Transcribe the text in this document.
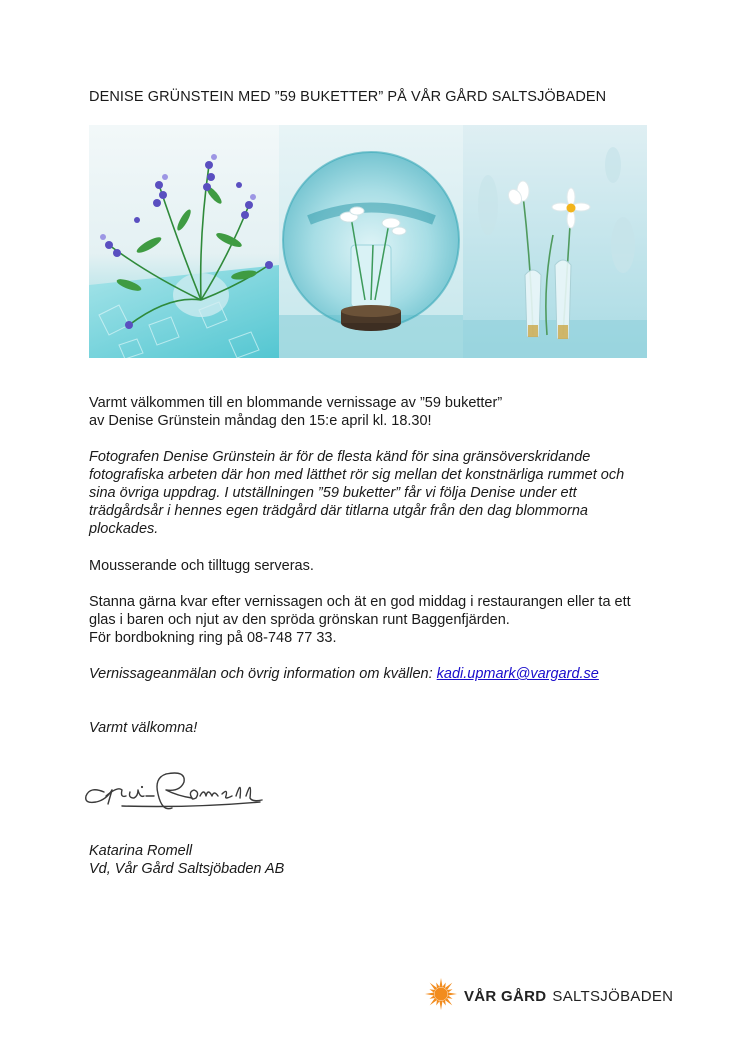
DENISE GRÜNSTEIN MED ”59 BUKETTER” PÅ VÅR GÅRD SALTSJÖBADEN

Varmt välkommen till en blommande vernissage av ”59 buketter”

av Denise Grünstein måndag den 15:e april kl. 18.30!

Fotografen Denise Grünstein är för de flesta känd för sina gränsöverskridande fotografiska arbeten där hon med lätthet rör sig mellan det konstnärliga rummet och sina övriga uppdrag. I utställningen ”59 buketter” får vi följa Denise under ett trädgårdsår i hennes egen trädgård där titlarna utgår från den dag blommorna plockades.
Mousserande och tilltugg serveras.

Stanna gärna kvar efter vernissagen och ät en god middag i restaurangen eller ta ett glas i baren och njut av den spröda grönskan runt Baggenfjärden.

För bordbokning ring på 08-748 77 33.

Vernissageanmälan och övrig information om kvällen: kadi.upmark@vargard.se
Varmt välkomna!

Katarina Romell

Vd, Vår Gård Saltsjöbaden AB

VÅR GÅRD SALTSJÖBADEN
